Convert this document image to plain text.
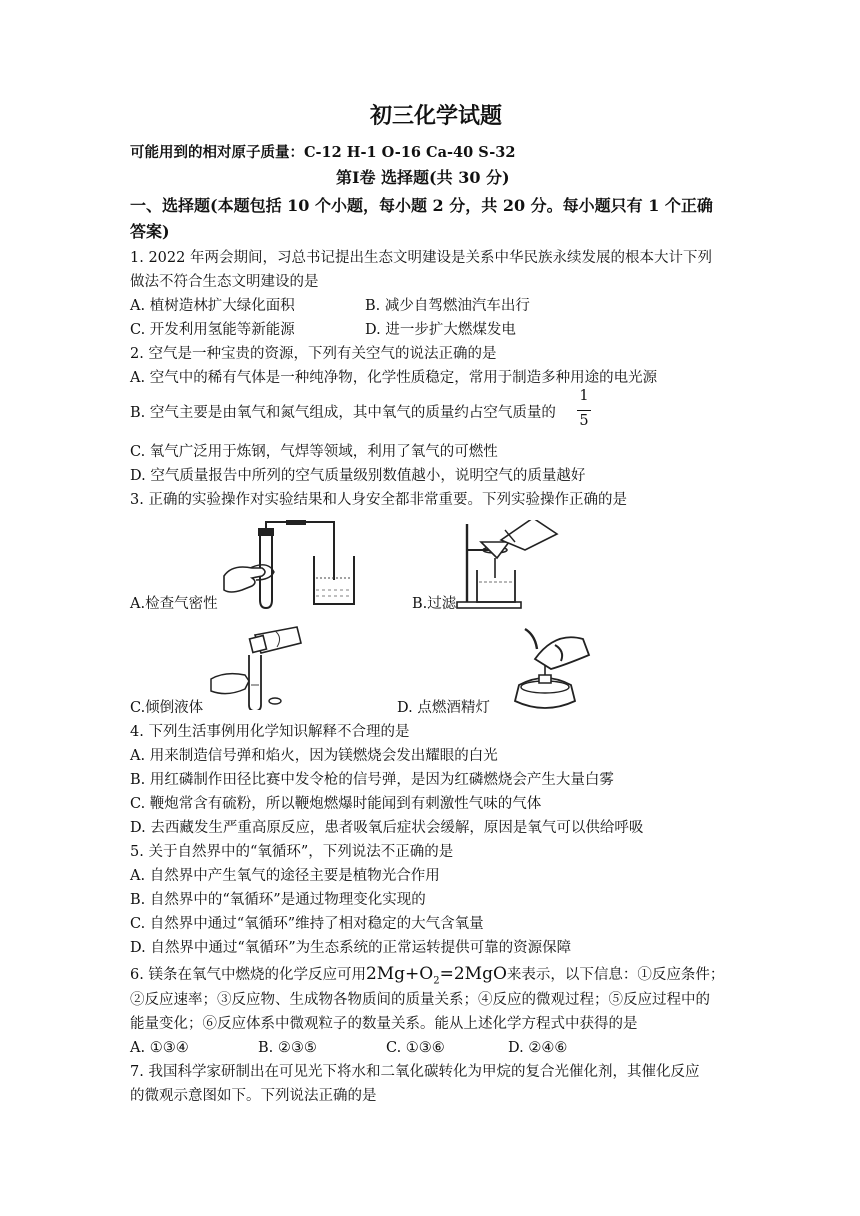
初三化学试题
可能用到的相对原子质量：C-12 H-1 O-16 Ca-40 S-32
第Ⅰ卷 选择题(共 30 分)
一、选择题(本题包括 10 个小题，每小题 2 分，共 20 分。每小题只有 1 个正确
答案)
1. 2022 年两会期间，习总书记提出生态文明建设是关系中华民族永续发展的根本大计下列
做法不符合生态文明建设的是
A. 植树造林扩大绿化面积	B. 减少自驾燃油汽车出行
C. 开发利用氢能等新能源	D. 进一步扩大燃煤发电
2. 空气是一种宝贵的资源，下列有关空气的说法正确的是
A. 空气中的稀有气体是一种纯净物，化学性质稳定，常用于制造多种用途的电光源
B. 空气主要是由氧气和氮气组成，其中氧气的质量约占空气质量的
1
5
C. 氧气广泛用于炼钢，气焊等领域，利用了氧气的可燃性
D. 空气质量报告中所列的空气质量级别数值越小，说明空气的质量越好
3. 正确的实验操作对实验结果和人身安全都非常重要。下列实验操作正确的是
A.检查气密性	B.过滤
C.倾倒液体	D. 点燃酒精灯
4. 下列生活事例用化学知识解释不合理的是
A. 用来制造信号弹和焰火，因为镁燃烧会发出耀眼的白光
B. 用红磷制作田径比赛中发令枪的信号弹，是因为红磷燃烧会产生大量白雾
C. 鞭炮常含有硫粉，所以鞭炮燃爆时能闻到有刺激性气味的气体
D. 去西藏发生严重高原反应，患者吸氧后症状会缓解，原因是氧气可以供给呼吸
5. 关于自然界中的“氧循环”，下列说法不正确的是
A. 自然界中产生氧气的途径主要是植物光合作用
B. 自然界中的“氧循环”是通过物理变化实现的
C. 自然界中通过“氧循环”维持了相对稳定的大气含氧量
D. 自然界中通过“氧循环”为生态系统的正常运转提供可靠的资源保障
6. 镁条在氧气中燃烧的化学反应可用$2Mg+O_2=2MgO$来表示，以下信息：①反应条件；
②反应速率；③反应物、生成物各物质间的质量关系；④反应的微观过程；⑤反应过程中的
能量变化；⑥反应体系中微观粒子的数量关系。能从上述化学方程式中获得的是
A. ①③④	B. ②③⑤	C. ①③⑥	D. ②④⑥
7. 我国科学家研制出在可见光下将水和二氧化碳转化为甲烷的复合光催化剂，其催化反应
的微观示意图如下。下列说法正确的是
